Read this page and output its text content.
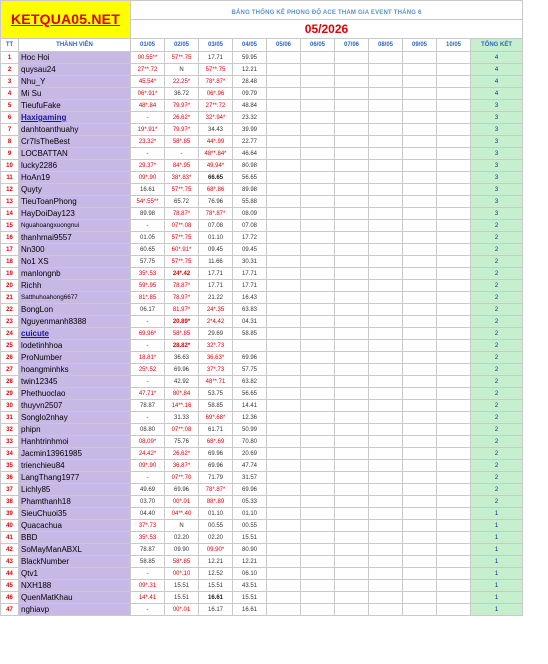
KETQUA05.NET		BẢNG THỐNG KÊ PHONG ĐỘ ACE THAM GIA EVENT THÁNG 6										
		05/2026										
TT	THÀNH VIÊN	01/05	02/05	03/05	04/05	05/06	06/05	07/06	08/05	09/05	10/05	TỔNG KẾT
1	Hoc Hoi	00.55**	57**.75	17.71	59.95							4
2	quysau24	27**.72	N	57**.75	12.21							4
3	Nhu_Y	45.54*	22.25*	78*.87*	28.48							4
4	Mi Su	06*.91*	36.72	06*.96	09.79							4
5	TieufuFake	48*.84	79.97*	27**.72	48.84							3
6	Haxigaming	-	26.62*	32*.94*	23.32							3
7	danhtoanthuahy	19*.91*	79.97*	34.43	39.99							3
8	Cr7IsTheBest	23.32*	58*.85	44*.99	22.77							3
9	LOCBATTAN	-	-	48**.84*	46.64							3
10	lucky2286	29.37*	84*.95	49.94*	80.98							3
11	HoAn19	09*.90	38*.83*	66.65	56.65							3
12	Quyty	16.61	57**.75	68*.86	89.98							3
13	TieuToanPhong	54*.55**	65.72	76.96	55.88							3
14	HayDoiDay123	89.98	78.87*	78*.87*	08.09							3
15	Nguahoangxuongnui	-	07**.08	07.08	07.08							2
16	thanhmai9557	01.05	57**.75	01.10	17.72							2
17	Nn300	60.65	60*.91*	09.45	09.45							2
18	No1 XS	57.75	57**.75	11.66	30.31							2
19	manlongnb	35*.53	24*.42	17.71	17.71							2
20	Richh	59*.95	78.87*	17.71	17.71							2
21	Satthuhoahong6677	81*.85	78.97*	21.22	16.43							2
22	BongLon	06.17	81.97*	24*.35	63.83							2
23	Nguyenmanh8388	-	20.89*	2*4.42	04.31							2
24	cuicute	69.96*	58*.85	29.69	58.85							2
25	lodetinhhoa	-	28.82*	32*.73								2
26	ProNumber	18.81*	36.63	36.63*	69.96							2
27	hoangminhks	25*.52	69.96	37*.73	57.75							2
28	twin12345	-	42.92	48**.71	63.82							2
29	Phethuoclao	47.71*	80*.84	53.75	56.65							2
30	thuyvn2507	78.87	14**.16	58.85	14.41							2
31	Songlo2nhay	-	31.33	69*.68*	12.36							2
32	phipn	08.80	07**.08	61.71	50.99							2
33	Hanhtrinhmoi	08.09*	75.76	68*.69	70.80							2
34	Jacmin13961985	24.42*	26.62*	69.96	20.69							2
35	trienchieu84	09*.90	36.87*	69.96	47.74							2
36	LangThang1977	-	07**.70	71.79	31.57							2
37	Lichly85	49.69	69.96	78*.87*	69.96							2
38	Phamthanh18	03.70	00*.01	88*.89	05.33							2
39	SieuChuoi35	04.40	04**.40	01.10	01.10							1
40	Quacachua	37*.73	N	00.55	00.55							1
41	BBD	35*.53	02.20	02.20	15.51							1
42	SoMayManABXL	78.87	09.90	09.90*	80.90							1
43	BlackNumber	58.85	58*.85	12.21	12.21							1
44	Qtv1	-	00*.10	12.52	06.10							1
45	NXH188	09*.31	15.51	15.51	43.51							1
46	QuenMatKhau	14*.41	15.51	16.61	15.51							1
47	nghiavp	-	00*.01	16.17	16.61							1
